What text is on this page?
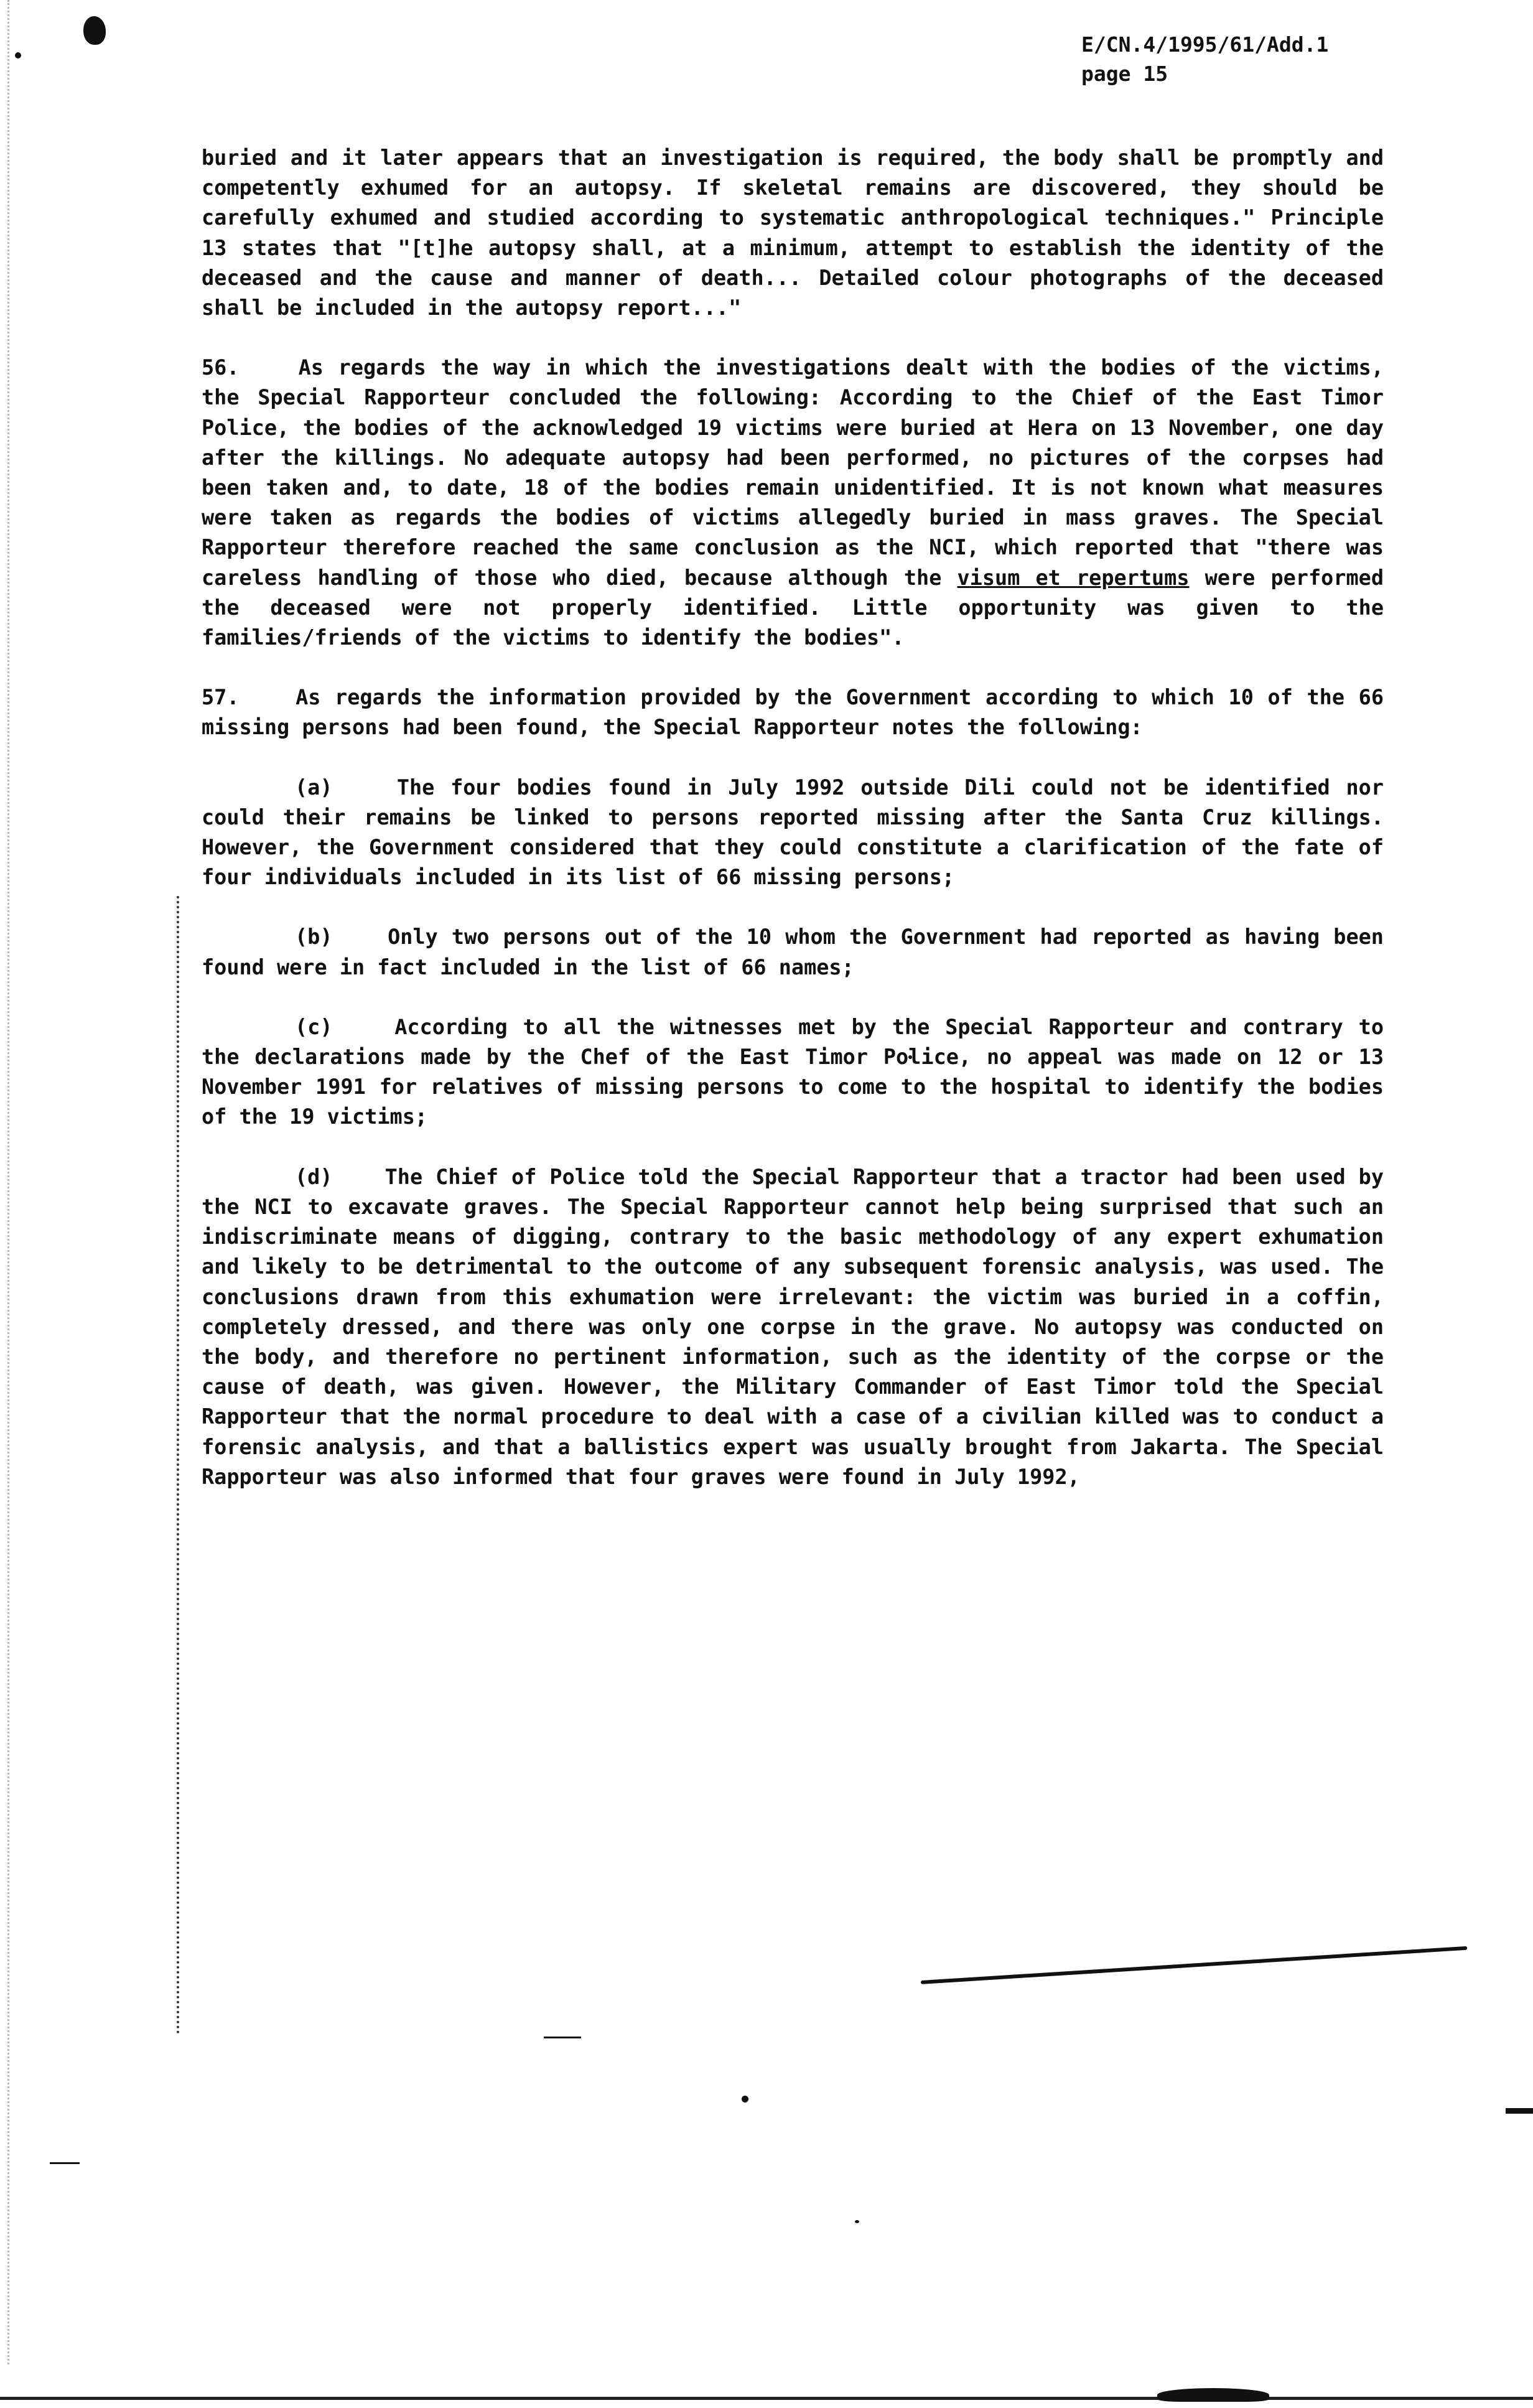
E/CN.4/1995/61/Add.1
page 15

buried and it later appears that an investigation is required, the body shall be promptly and competently exhumed for an autopsy. If skeletal remains are discovered, they should be carefully exhumed and studied according to systematic anthropological techniques." Principle 13 states that "[t]he autopsy shall, at a minimum, attempt to establish the identity of the deceased and the cause and manner of death... Detailed colour photographs of the deceased shall be included in the autopsy report..."

56.	As regards the way in which the investigations dealt with the bodies of the victims, the Special Rapporteur concluded the following: According to the Chief of the East Timor Police, the bodies of the acknowledged 19 victims were buried at Hera on 13 November, one day after the killings. No adequate autopsy had been performed, no pictures of the corpses had been taken and, to date, 18 of the bodies remain unidentified. It is not known what measures were taken as regards the bodies of victims allegedly buried in mass graves. The Special Rapporteur therefore reached the same conclusion as the NCI, which reported that "there was careless handling of those who died, because although the visum et repertums were performed the deceased were not properly identified. Little opportunity was given to the families/friends of the victims to identify the bodies".

57.	As regards the information provided by the Government according to which 10 of the 66 missing persons had been found, the Special Rapporteur notes the following:

(a)	The four bodies found in July 1992 outside Dili could not be identified nor could their remains be linked to persons reported missing after the Santa Cruz killings. However, the Government considered that they could constitute a clarification of the fate of four individuals included in its list of 66 missing persons;

(b)	Only two persons out of the 10 whom the Government had reported as having been found were in fact included in the list of 66 names;

(c)	According to all the witnesses met by the Special Rapporteur and contrary to the declarations made by the Chef of the East Timor Police, no appeal was made on 12 or 13 November 1991 for relatives of missing persons to come to the hospital to identify the bodies of the 19 victims;

(d)	The Chief of Police told the Special Rapporteur that a tractor had been used by the NCI to excavate graves. The Special Rapporteur cannot help being surprised that such an indiscriminate means of digging, contrary to the basic methodology of any expert exhumation and likely to be detrimental to the outcome of any subsequent forensic analysis, was used. The conclusions drawn from this exhumation were irrelevant: the victim was buried in a coffin, completely dressed, and there was only one corpse in the grave. No autopsy was conducted on the body, and therefore no pertinent information, such as the identity of the corpse or the cause of death, was given. However, the Military Commander of East Timor told the Special Rapporteur that the normal procedure to deal with a case of a civilian killed was to conduct a forensic analysis, and that a ballistics expert was usually brought from Jakarta. The Special Rapporteur was also informed that four graves were found in July 1992,
